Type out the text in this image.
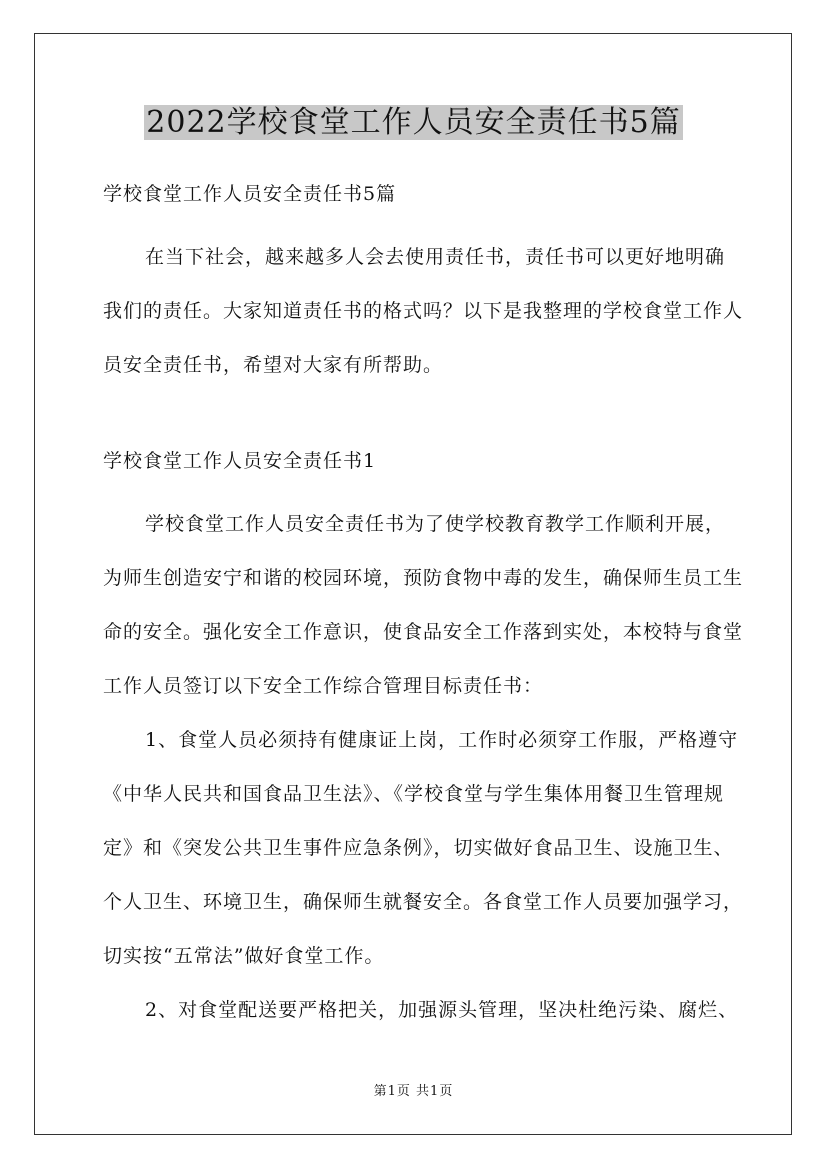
2022学校食堂工作人员安全责任书5篇

学校食堂工作人员安全责任书5篇

在当下社会，越来越多人会去使用责任书，责任书可以更好地明确我们的责任。大家知道责任书的格式吗？以下是我整理的学校食堂工作人员安全责任书，希望对大家有所帮助。

学校食堂工作人员安全责任书1

学校食堂工作人员安全责任书为了使学校教育教学工作顺利开展，为师生创造安宁和谐的校园环境，预防食物中毒的发生，确保师生员工生命的安全。强化安全工作意识，使食品安全工作落到实处，本校特与食堂工作人员签订以下安全工作综合管理目标责任书：

1、食堂人员必须持有健康证上岗，工作时必须穿工作服，严格遵守《中华人民共和国食品卫生法》、《学校食堂与学生集体用餐卫生管理规定》和《突发公共卫生事件应急条例》，切实做好食品卫生、设施卫生、个人卫生、环境卫生，确保师生就餐安全。各食堂工作人员要加强学习，切实按“五常法”做好食堂工作。

2、对食堂配送要严格把关，加强源头管理，坚决杜绝污染、腐烂、

第1页 共1页
